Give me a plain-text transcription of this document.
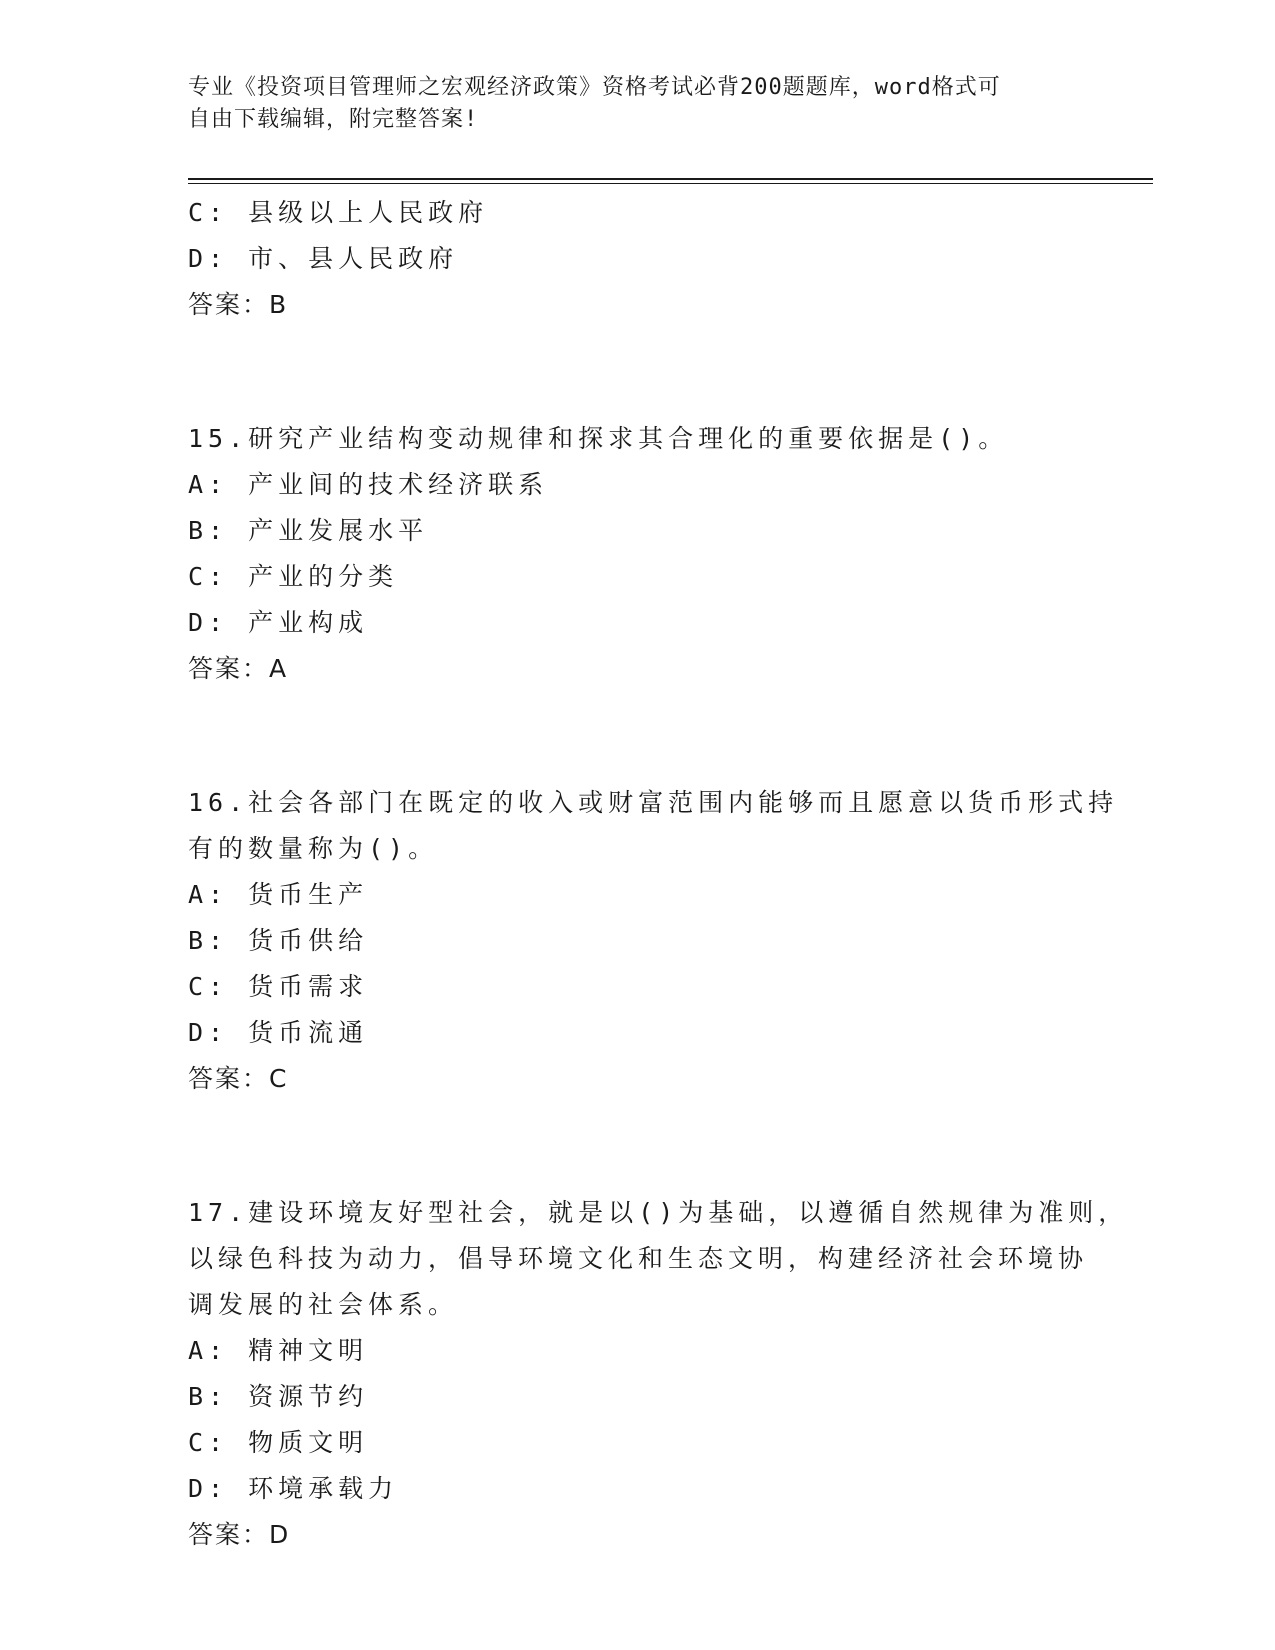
专业《投资项目管理师之宏观经济政策》资格考试必背200题题库，word格式可
自由下载编辑，附完整答案!
C: 县级以上人民政府
D: 市、县人民政府
答案：B
15.研究产业结构变动规律和探求其合理化的重要依据是()。
A: 产业间的技术经济联系
B: 产业发展水平
C: 产业的分类
D: 产业构成
答案：A
16.社会各部门在既定的收入或财富范围内能够而且愿意以货币形式持
有的数量称为()。
A: 货币生产
B: 货币供给
C: 货币需求
D: 货币流通
答案：C
17.建设环境友好型社会，就是以()为基础，以遵循自然规律为准则，
以绿色科技为动力，倡导环境文化和生态文明，构建经济社会环境协
调发展的社会体系。
A: 精神文明
B: 资源节约
C: 物质文明
D: 环境承载力
答案：D
